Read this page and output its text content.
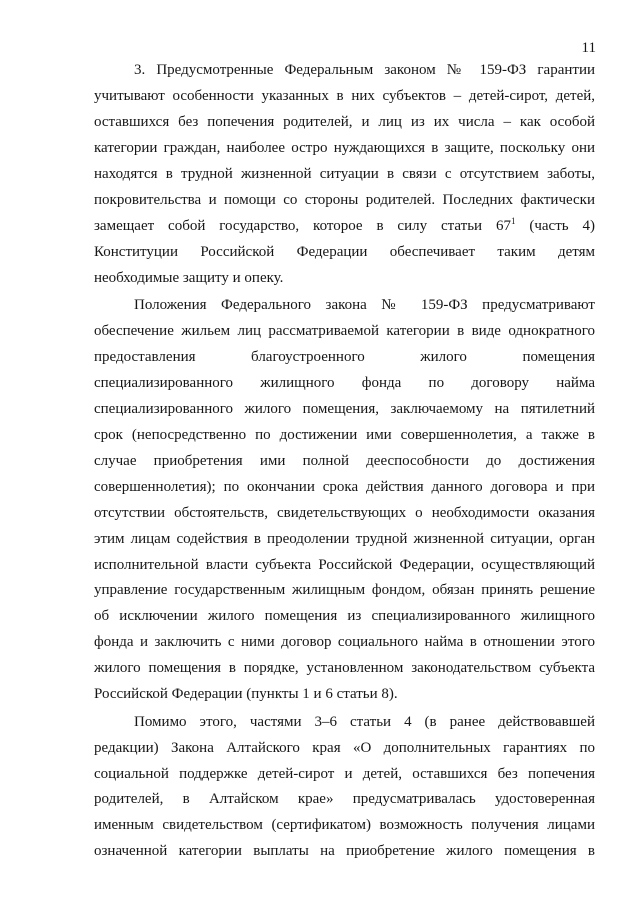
11
3. Предусмотренные Федеральным законом № 159-ФЗ гарантии
учитывают особенности указанных в них субъектов – детей-сирот, детей,
оставшихся без попечения родителей, и лиц из их числа – как особой
категории граждан, наиболее остро нуждающихся в защите, поскольку они
находятся в трудной жизненной ситуации в связи с отсутствием заботы,
покровительства и помощи со стороны родителей. Последних фактически
замещает собой государство, которое в силу статьи $67^1$ (часть 4)
Конституции Российской Федерации обеспечивает таким детям
необходимые защиту и опеку.
Положения Федерального закона № 159-ФЗ предусматривают
обеспечение жильем лиц рассматриваемой категории в виде однократного
предоставления благоустроенного жилого помещения
специализированного жилищного фонда по договору найма
специализированного жилого помещения, заключаемому на пятилетний
срок (непосредственно по достижении ими совершеннолетия, а также в
случае приобретения ими полной дееспособности до достижения
совершеннолетия); по окончании срока действия данного договора и при
отсутствии обстоятельств, свидетельствующих о необходимости оказания
этим лицам содействия в преодолении трудной жизненной ситуации, орган
исполнительной власти субъекта Российской Федерации, осуществляющий
управление государственным жилищным фондом, обязан принять решение
об исключении жилого помещения из специализированного жилищного
фонда и заключить с ними договор социального найма в отношении этого
жилого помещения в порядке, установленном законодательством субъекта
Российской Федерации (пункты 1 и 6 статьи 8).
Помимо этого, частями 3–6 статьи 4 (в ранее действовавшей
редакции) Закона Алтайского края «О дополнительных гарантиях по
социальной поддержке детей-сирот и детей, оставшихся без попечения
родителей, в Алтайском крае» предусматривалась удостоверенная
именным свидетельством (сертификатом) возможность получения лицами
означенной категории выплаты на приобретение жилого помещения в
